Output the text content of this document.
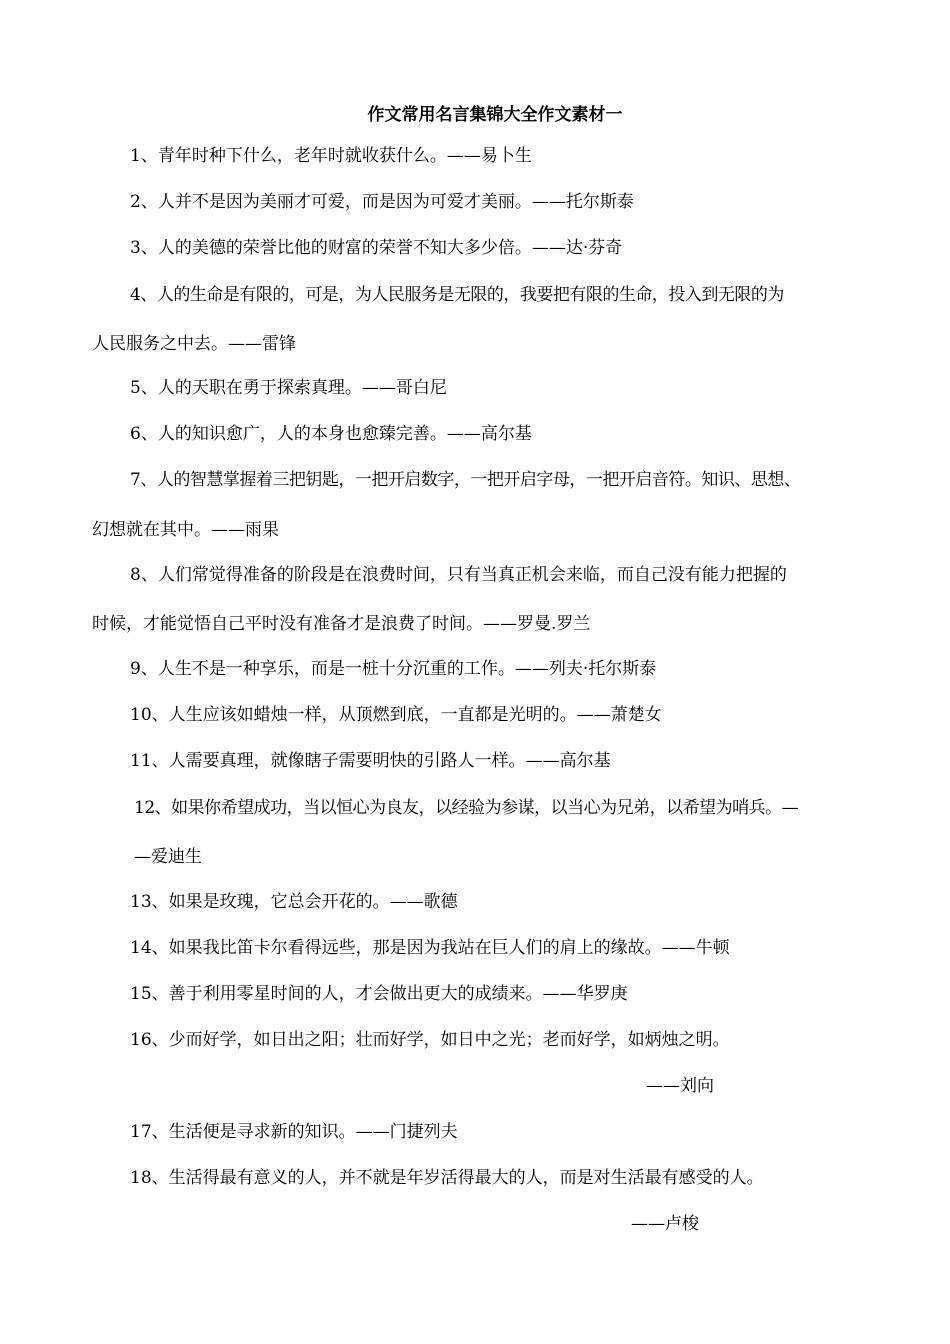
作文常用名言集锦大全作文素材一
1、青年时种下什么，老年时就收获什么。——易卜生
2、人并不是因为美丽才可爱，而是因为可爱才美丽。——托尔斯泰
3、人的美德的荣誉比他的财富的荣誉不知大多少倍。——达·芬奇
4、人的生命是有限的，可是，为人民服务是无限的，我要把有限的生命，投入到无限的为
人民服务之中去。——雷锋
5、人的天职在勇于探索真理。——哥白尼
6、人的知识愈广，人的本身也愈臻完善。——高尔基
7、人的智慧掌握着三把钥匙，一把开启数字，一把开启字母，一把开启音符。知识、思想、
幻想就在其中。——雨果
8、人们常觉得准备的阶段是在浪费时间，只有当真正机会来临，而自己没有能力把握的
时候，才能觉悟自己平时没有准备才是浪费了时间。——罗曼.罗兰
9、人生不是一种享乐，而是一桩十分沉重的工作。——列夫·托尔斯泰
10、人生应该如蜡烛一样，从顶燃到底，一直都是光明的。——萧楚女
11、人需要真理，就像瞎子需要明快的引路人一样。——高尔基
12、如果你希望成功，当以恒心为良友，以经验为参谋，以当心为兄弟，以希望为哨兵。—
—爱迪生
13、如果是玫瑰，它总会开花的。——歌德
14、如果我比笛卡尔看得远些，那是因为我站在巨人们的肩上的缘故。——牛顿
15、善于利用零星时间的人，才会做出更大的成绩来。——华罗庚
16、少而好学，如日出之阳；壮而好学，如日中之光；老而好学，如炳烛之明。
——刘向
17、生活便是寻求新的知识。——门捷列夫
18、生活得最有意义的人，并不就是年岁活得最大的人，而是对生活最有感受的人。
——卢梭
